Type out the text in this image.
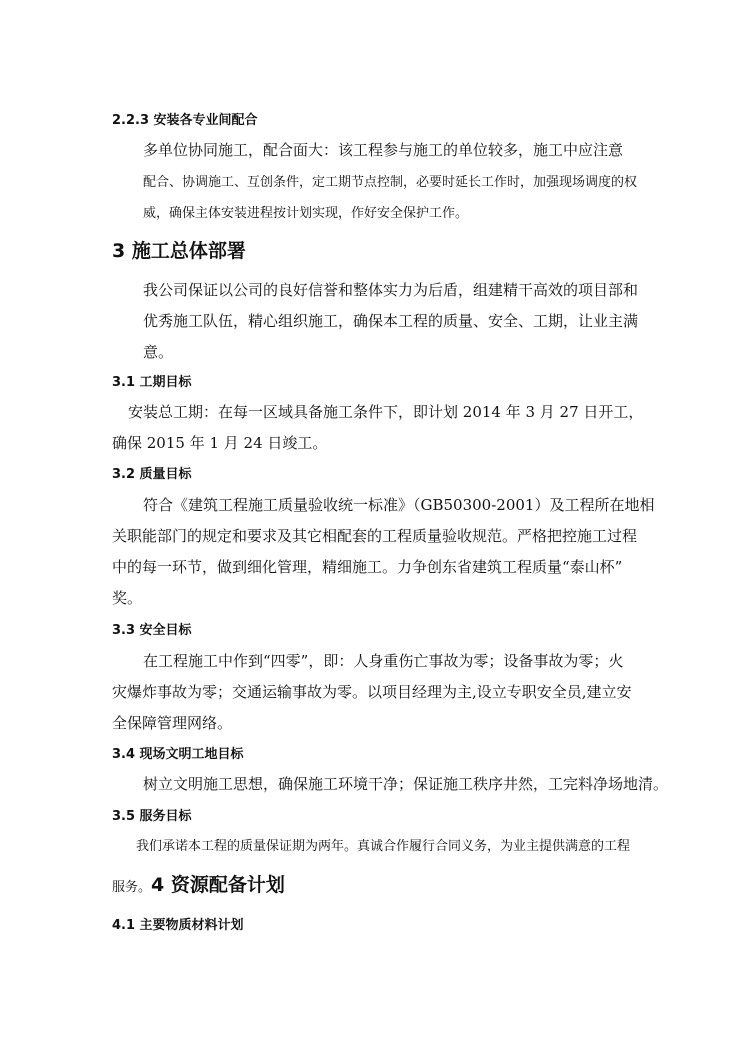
2.2.3 安装各专业间配合
多单位协同施工，配合面大：该工程参与施工的单位较多，施工中应注意
配合、协调施工、互创条件，定工期节点控制，必要时延长工作时，加强现场调度的权
威，确保主体安装进程按计划实现，作好安全保护工作。
3 施工总体部署
我公司保证以公司的良好信誉和整体实力为后盾，组建精干高效的项目部和
优秀施工队伍，精心组织施工，确保本工程的质量、安全、工期，让业主满
意。
3.1 工期目标
安装总工期：在每一区域具备施工条件下，即计划 2014 年 3 月 27 日开工，
确保 2015 年 1 月 24 日竣工。
3.2 质量目标
符合《建筑工程施工质量验收统一标准》（GB50300-2001）及工程所在地相
关职能部门的规定和要求及其它相配套的工程质量验收规范。严格把控施工过程
中的每一环节，做到细化管理，精细施工。力争创东省建筑工程质量“泰山杯”
奖。
3.3 安全目标
在工程施工中作到“四零”，即：人身重伤亡事故为零；设备事故为零；火
灾爆炸事故为零；交通运输事故为零。以项目经理为主,设立专职安全员,建立安
全保障管理网络。
3.4 现场文明工地目标
树立文明施工思想，确保施工环境干净；保证施工秩序井然，工完料净场地清。
3.5 服务目标
我们承诺本工程的质量保证期为两年。真诚合作履行合同义务，为业主提供满意的工程
服务。4 资源配备计划
4.1 主要物质材料计划
